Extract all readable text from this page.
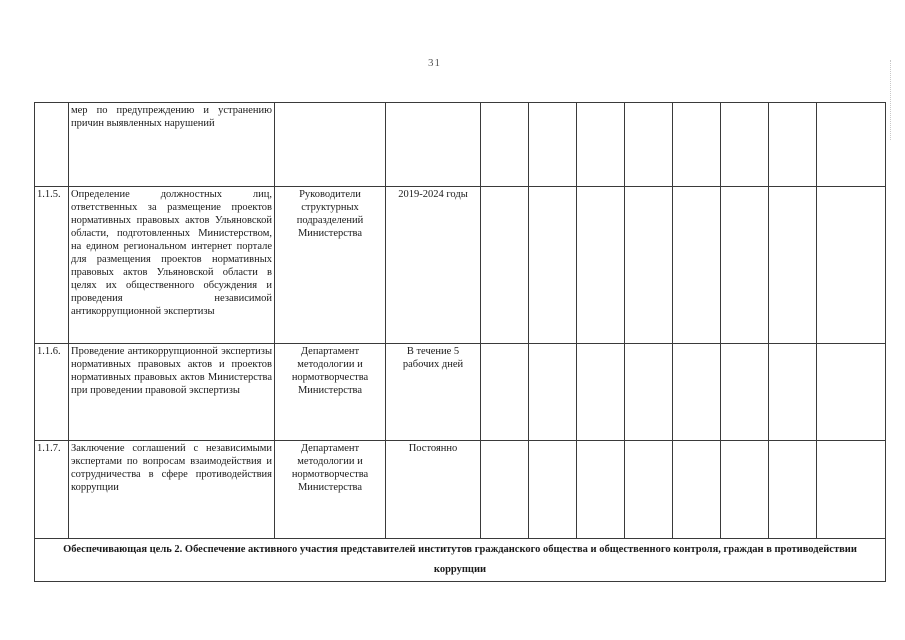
31
	мер по предупреждению и устранению причин выявленных нарушений										
1.1.5.	Определение должностных лиц, ответственных за размещение проектов нормативных правовых актов Ульяновской области, подготовленных Министерством, на едином региональном интернет портале для размещения проектов нормативных правовых актов Ульяновской области в целях их общественного обсуждения и проведения независимой антикоррупционной экспертизы	Руководители структурных подразделений Министерства	2019-2024 годы								
1.1.6.	Проведение антикоррупционной экспертизы нормативных правовых актов и проектов нормативных правовых актов Министерства при проведении правовой экспертизы	Департамент методологии и нормотворчества Министерства	В течение 5 рабочих дней								
1.1.7.	Заключение соглашений с независимыми экспертами по вопросам взаимодействия и сотрудничества в сфере противодействия коррупции	Департамент методологии и нормотворчества Министерства	Постоянно								
Обеспечивающая цель 2. Обеспечение активного участия представителей институтов гражданского общества и общественного контроля, граждан в противодействии коррупции											
